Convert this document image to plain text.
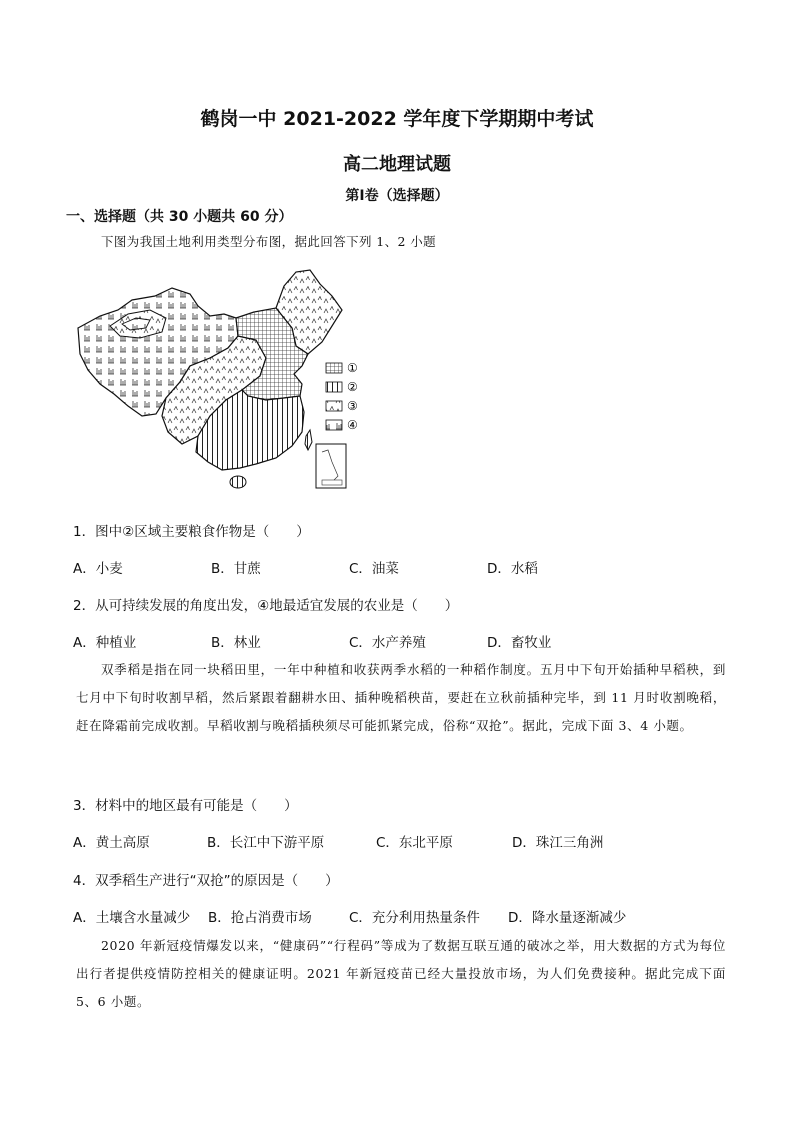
鹤岗一中 2021-2022 学年度下学期期中考试
高二地理试题
第Ⅰ卷（选择题）
一、选择题（共 30 小题共 60 分）
下图为我国土地利用类型分布图，据此回答下列 1、2 小题
①
②
③
④
1．图中②区域主要粮食作物是（　　）
A．小麦	B．甘蔗	C．油菜	D．水稻
2．从可持续发展的角度出发，④地最适宜发展的农业是（　　）
A．种植业	B．林业	C．水产养殖	D．畜牧业

双季稻是指在同一块稻田里，一年中种植和收获两季水稻的一种稻作制度。五月中下旬开始插种早稻秧，到七月中下旬时收割早稻，然后紧跟着翻耕水田、插种晚稻秧苗，要赶在立秋前插种完毕，到 11 月时收割晚稻，赶在降霜前完成收割。早稻收割与晚稻插秧须尽可能抓紧完成，俗称“双抢”。据此，完成下面 3、4 小题。

3．材料中的地区最有可能是（　　）
A．黄土高原	B．长江中下游平原	C．东北平原	D．珠江三角洲
4．双季稻生产进行“双抢”的原因是（　　）
A．土壤含水量减少 B．抢占消费市场	C．充分利用热量条件 D．降水量逐渐减少

2020 年新冠疫情爆发以来，“健康码”“行程码”等成为了数据互联互通的破冰之举，用大数据的方式为每位出行者提供疫情防控相关的健康证明。2021 年新冠疫苗已经大量投放市场，为人们免费接种。据此完成下面 5、6 小题。
